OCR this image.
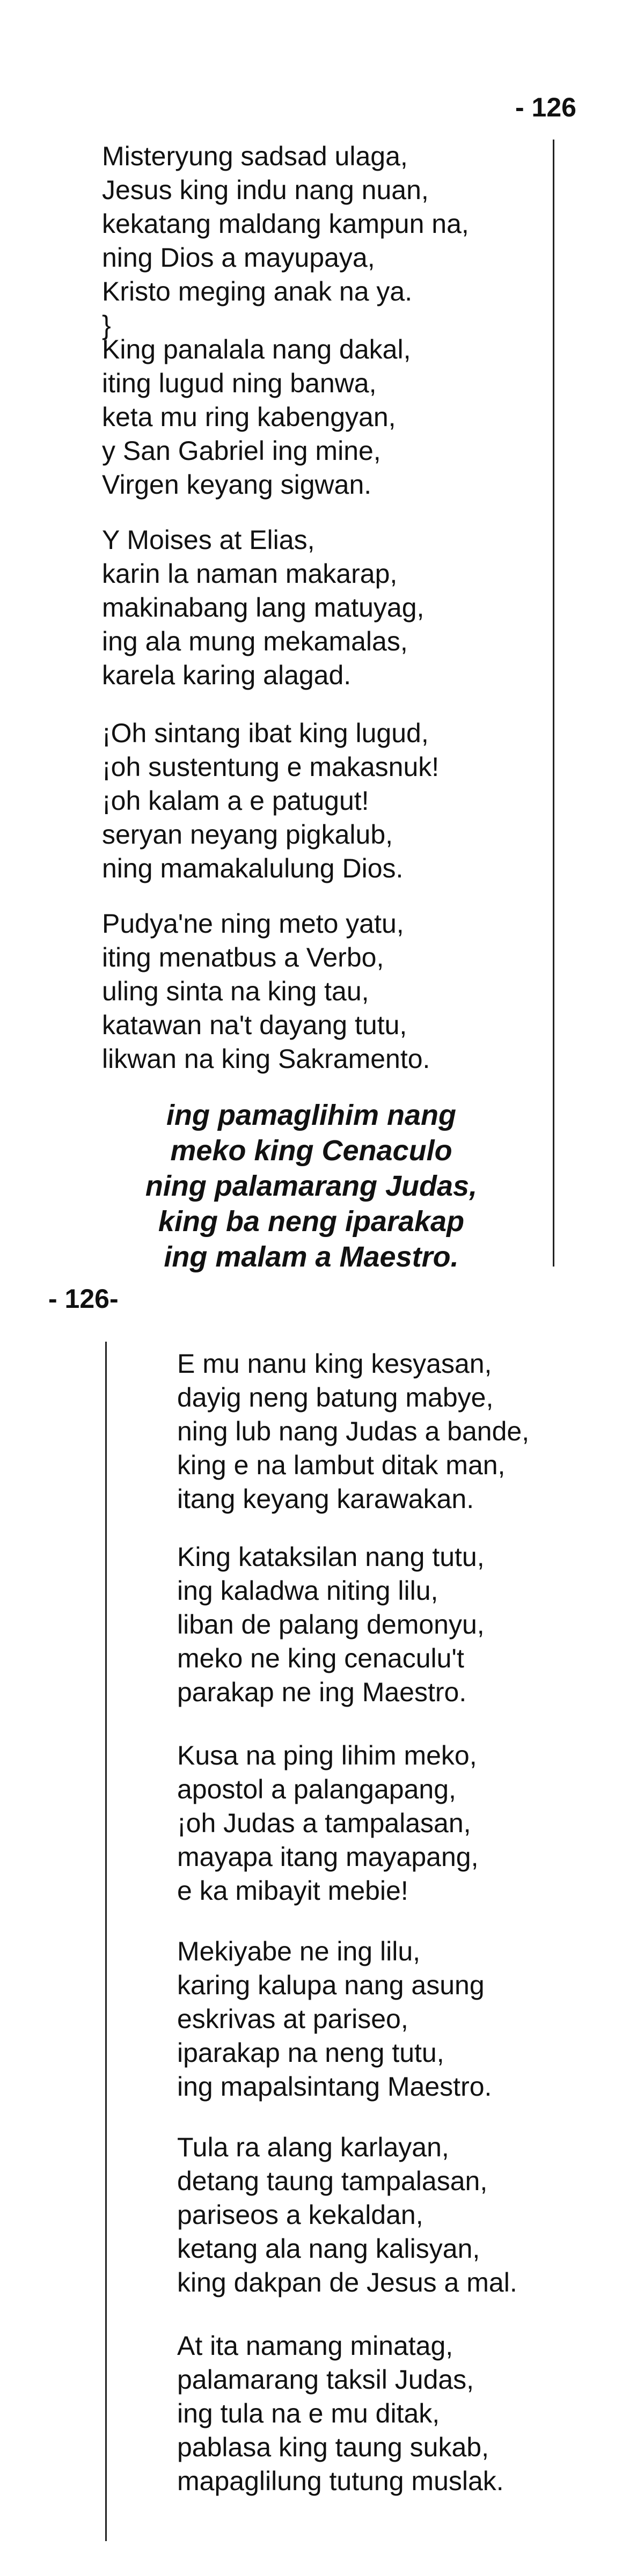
- 126
Misteryung sadsad ulaga,
Jesus king indu nang nuan,
kekatang maldang kampun na,
ning Dios a mayupaya,
Kristo meging anak na ya.
}
King panalala nang dakal,
iting lugud ning banwa,
keta mu ring kabengyan,
y San Gabriel ing mine,
Virgen keyang sigwan.
Y Moises at Elias,
karin la naman makarap,
makinabang lang matuyag,
ing ala mung mekamalas,
karela karing alagad.
¡Oh sintang ibat king lugud,
¡oh sustentung e makasnuk!
¡oh kalam a e patugut!
seryan neyang pigkalub,
ning mamakalulung Dios.
Pudya'ne ning meto yatu,
iting menatbus a Verbo,
uling sinta na king tau,
katawan na't dayang tutu,
likwan na king Sakramento.
ing pamaglihim nang
meko king Cenaculo
ning palamarang Judas,
king ba neng iparakap
ing malam a Maestro.
- 126-
E mu nanu king kesyasan,
dayig neng batung mabye,
ning lub nang Judas a bande,
king e na lambut ditak man,
itang keyang karawakan.
King kataksilan nang tutu,
ing kaladwa niting lilu,
liban de palang demonyu,
meko ne king cenaculu't
parakap ne ing Maestro.
Kusa na ping lihim meko,
apostol a palangapang,
¡oh Judas a tampalasan,
mayapa itang mayapang,
e ka mibayit mebie!
Mekiyabe ne ing lilu,
karing kalupa nang asung
eskrivas at pariseo,
iparakap na neng tutu,
ing mapalsintang Maestro.
Tula ra alang karlayan,
detang taung tampalasan,
pariseos a kekaldan,
ketang ala nang kalisyan,
king dakpan de Jesus a mal.
At ita namang minatag,
palamarang taksil Judas,
ing tula na e mu ditak,
pablasa king taung sukab,
mapaglilung tutung muslak.
